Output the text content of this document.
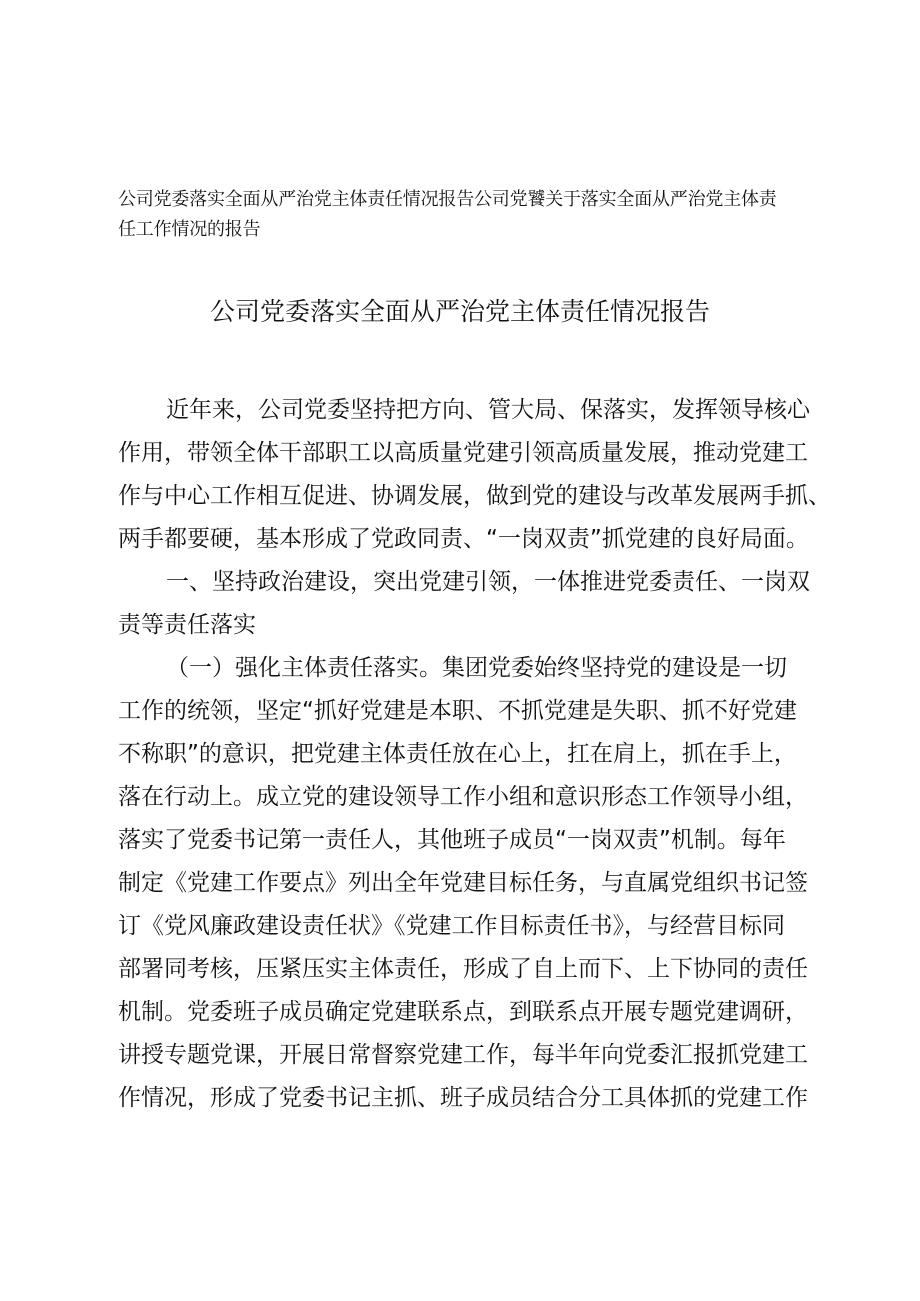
公司党委落实全面从严治党主体责任情况报告公司党饕关于落实全面从严治党主体责
任工作情况的报告
公司党委落实全面从严治党主体责任情况报告
近年来，公司党委坚持把方向、管大局、保落实，发挥领导核心
作用，带领全体干部职工以高质量党建引领高质量发展，推动党建工
作与中心工作相互促进、协调发展，做到党的建设与改革发展两手抓、
两手都要硬，基本形成了党政同责、“一岗双责”抓党建的良好局面。
一、坚持政治建设，突出党建引领，一体推进党委责任、一岗双
责等责任落实
（一）强化主体责任落实。集团党委始终坚持党的建设是一切
工作的统领，坚定“抓好党建是本职、不抓党建是失职、抓不好党建
不称职”的意识，把党建主体责任放在心上，扛在肩上，抓在手上，
落在行动上。成立党的建设领导工作小组和意识形态工作领导小组，
落实了党委书记第一责任人，其他班子成员“一岗双责”机制。每年
制定《党建工作要点》列出全年党建目标任务，与直属党组织书记签
订《党风廉政建设责任状》《党建工作目标责任书》，与经营目标同
部署同考核，压紧压实主体责任，形成了自上而下、上下协同的责任
机制。党委班子成员确定党建联系点，到联系点开展专题党建调研，
讲授专题党课，开展日常督察党建工作，每半年向党委汇报抓党建工
作情况，形成了党委书记主抓、班子成员结合分工具体抓的党建工作
